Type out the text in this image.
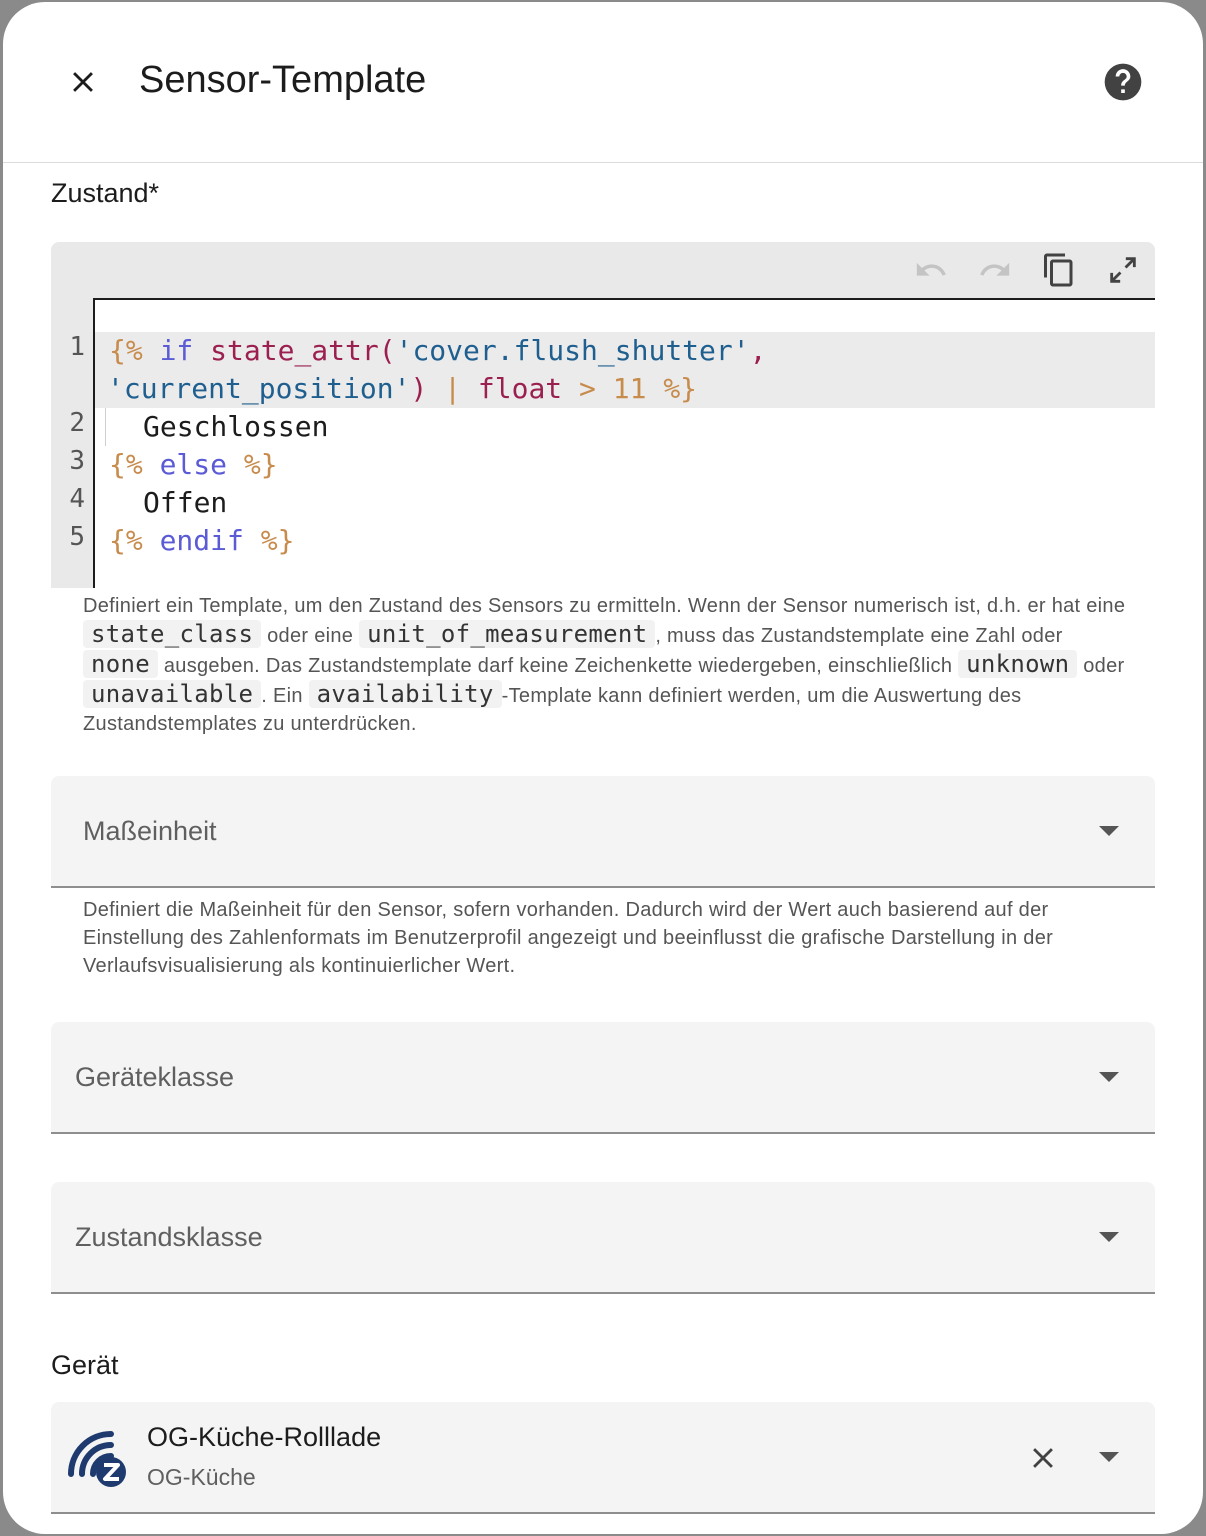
Sensor-Template
Zustand*
1
2
3
4
5
{% if state_attr('cover.flush_shutter',
'current_position') | float > 11 %}
Geschlossen
{% else %}
Offen
{% endif %}
Definiert ein Template, um den Zustand des Sensors zu ermitteln. Wenn der Sensor numerisch ist, d.h. er hat eine state_class oder eine unit_of_measurement , muss das Zustandstemplate eine Zahl oder none ausgeben. Das Zustandstemplate darf keine Zeichenkette wiedergeben, einschließlich unknown oder unavailable . Ein availability -Template kann definiert werden, um die Auswertung des Zustandstemplates zu unterdrücken.
Maßeinheit
Definiert die Maßeinheit für den Sensor, sofern vorhanden. Dadurch wird der Wert auch basierend auf der Einstellung des Zahlenformats im Benutzerprofil angezeigt und beeinflusst die grafische Darstellung in der Verlaufsvisualisierung als kontinuierlicher Wert.
Geräteklasse
Zustandsklasse
Gerät
OG-Küche-Rolllade
OG-Küche
